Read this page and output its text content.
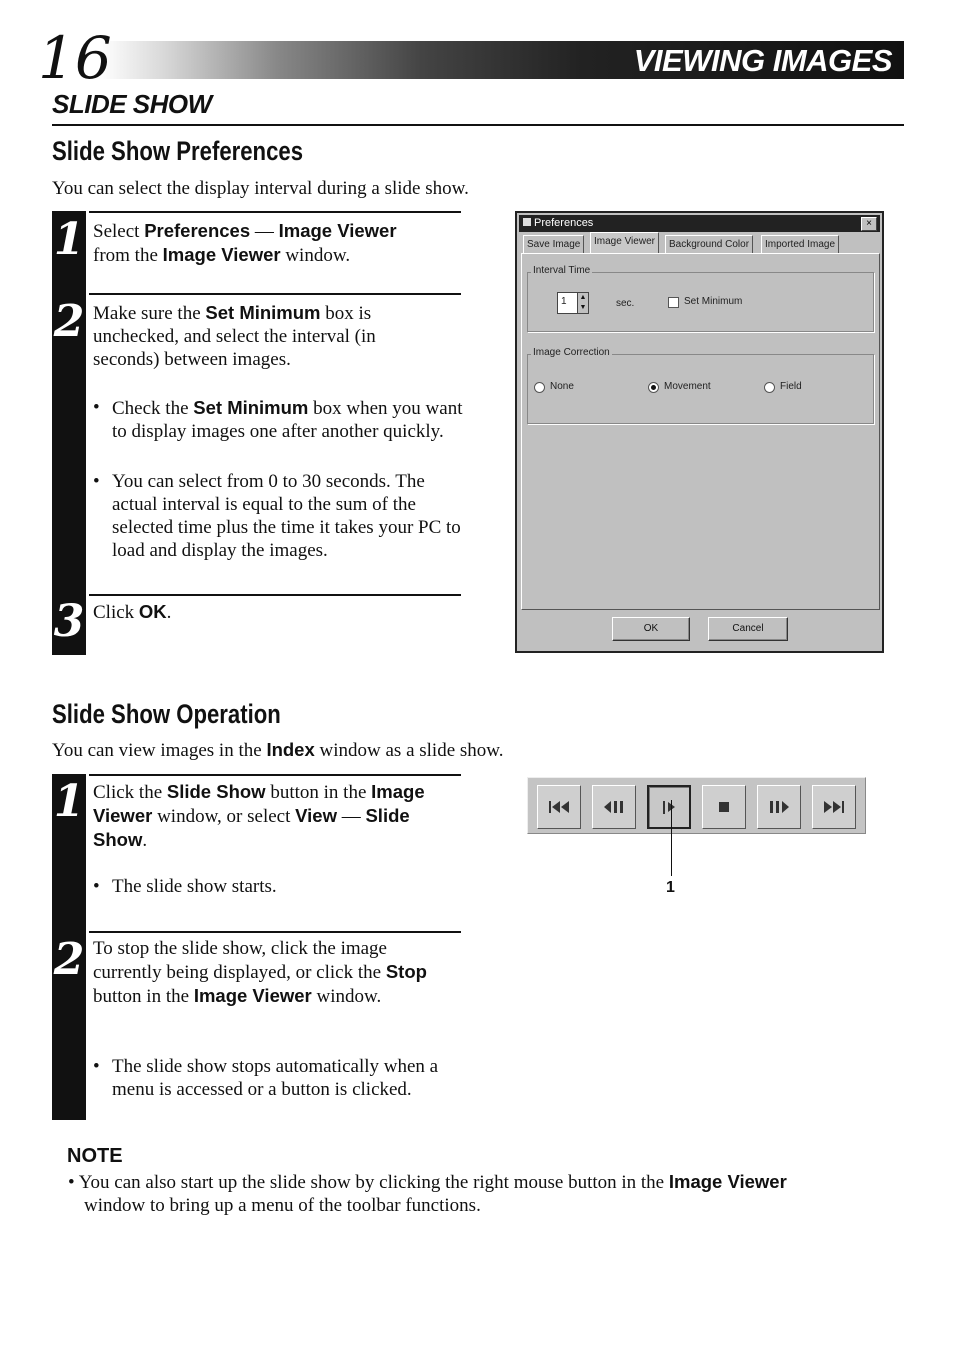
16	VIEWING IMAGES
SLIDE SHOW
Slide Show Preferences
You can select the display interval during a slide show.
1
2
3
Select Preferences — Image Viewer
from the Image Viewer window.
Make sure the Set Minimum box is unchecked, and select the interval (in seconds) between images.
• Check the Set Minimum box when you want to display images one after another quickly.
• You can select from 0 to 30 seconds. The actual interval is equal to the sum of the selected time plus the time it takes your PC to load and display the images.
Click OK.
Preferences	×
Save Image	Image Viewer	Background Color	Imported Image
Interval Time
1	▲
▼	sec.	Set Minimum
Image Correction
None	Movement	Field
OK	Cancel
Slide Show Operation
You can view images in the Index window as a slide show.
1
2
Click the Slide Show button in the Image Viewer window, or select View — Slide Show.
• The slide show starts.
To stop the slide show, click the image currently being displayed, or click the Stop button in the Image Viewer window.
• The slide show stops automatically when a menu is accessed or a button is clicked.
1
NOTE
• You can also start up the slide show by clicking the right mouse button in the Image Viewer
window to bring up a menu of the toolbar functions.
